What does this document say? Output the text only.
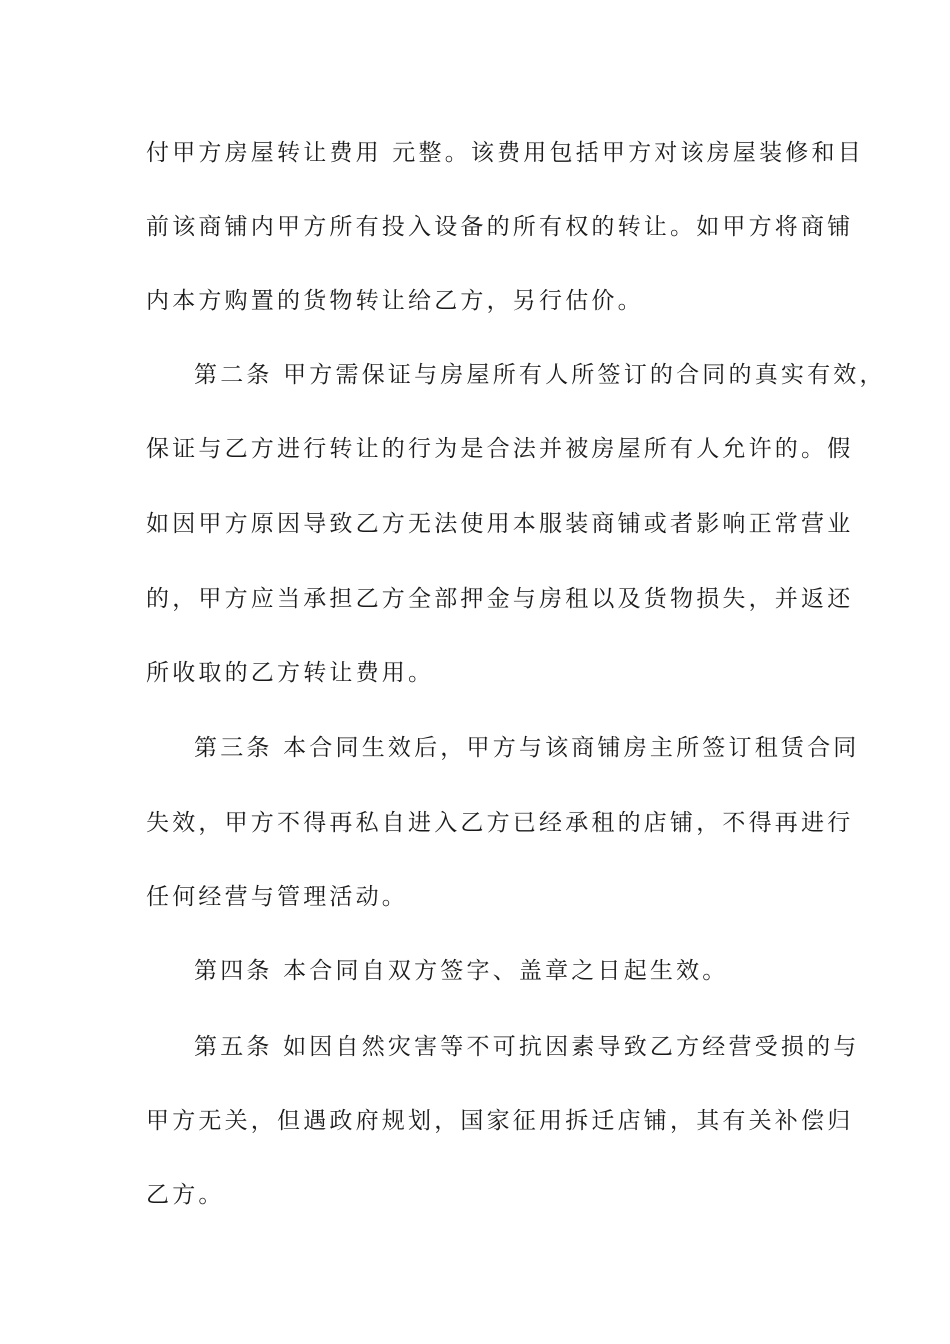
付甲方房屋转让费用 元整。该费用包括甲方对该房屋装修和目
前该商铺内甲方所有投入设备的所有权的转让。如甲方将商铺
内本方购置的货物转让给乙方，另行估价。
第二条 甲方需保证与房屋所有人所签订的合同的真实有效，
保证与乙方进行转让的行为是合法并被房屋所有人允许的。假
如因甲方原因导致乙方无法使用本服装商铺或者影响正常营业
的，甲方应当承担乙方全部押金与房租以及货物损失，并返还
所收取的乙方转让费用。
第三条 本合同生效后，甲方与该商铺房主所签订租赁合同
失效，甲方不得再私自进入乙方已经承租的店铺，不得再进行
任何经营与管理活动。
第四条 本合同自双方签字、盖章之日起生效。
第五条 如因自然灾害等不可抗因素导致乙方经营受损的与
甲方无关，但遇政府规划，国家征用拆迁店铺，其有关补偿归
乙方。
